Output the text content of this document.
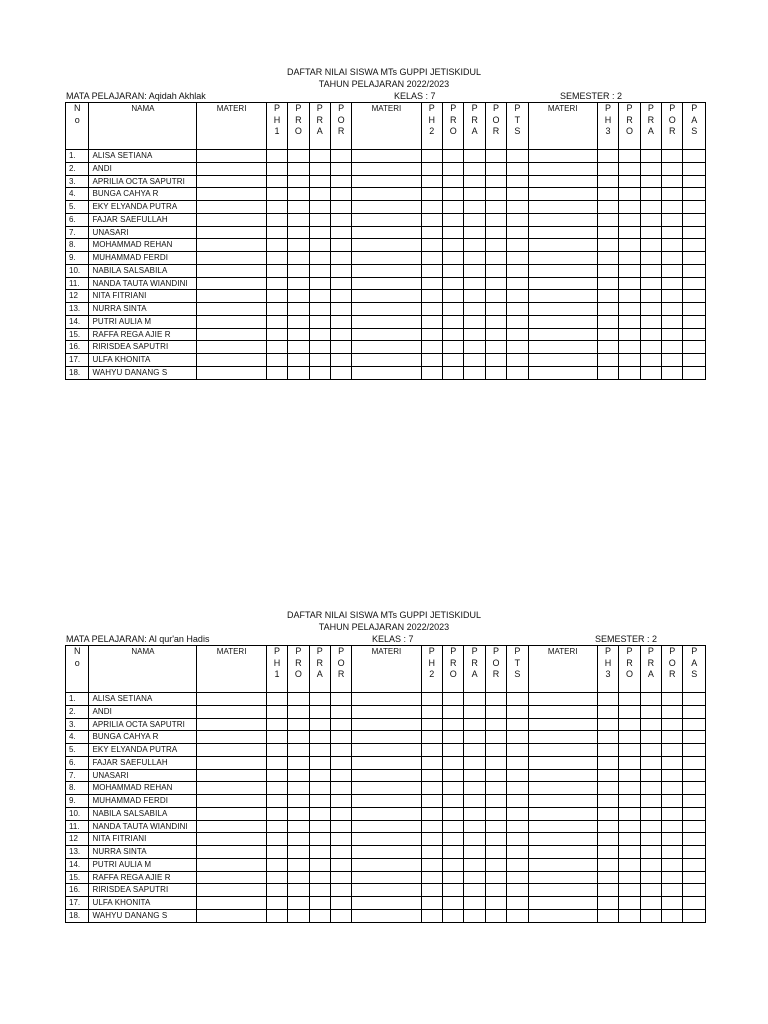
DAFTAR NILAI SISWA MTs GUPPI JETISKIDUL
TAHUN PELAJARAN 2022/2023
MATA PELAJARAN: Aqidah Akhlak	KELAS : 7	SEMESTER : 2
N
o	NAMA	MATERI	P
H
1	P
R
O	P
R
A	P
O
R	MATERI	P
H
2	P
R
O	P
R
A	P
O
R	P
T
S	MATERI	P
H
3	P
R
O	P
R
A	P
O
R	P
A
S

1.	ALISA SETIANA																	
2.	ANDI																	
3.	APRILIA OCTA SAPUTRI																	
4.	BUNGA CAHYA R																	
5.	EKY ELYANDA PUTRA																	
6.	FAJAR SAEFULLAH																	
7.	UNASARI																	
8.	MOHAMMAD REHAN																	
9.	MUHAMMAD FERDI																	
10.	NABILA SALSABILA																	
11.	NANDA TAUTA WIANDINI																	
12	NITA FITRIANI																	
13.	NURRA SINTA																	
14.	PUTRI AULIA M																	
15.	RAFFA REGA AJIE R																	
16.	RIRISDEA SAPUTRI																	
17.	ULFA KHONITA																	
18.	WAHYU DANANG S																	
DAFTAR NILAI SISWA MTs GUPPI JETISKIDUL
TAHUN PELAJARAN 2022/2023
MATA PELAJARAN: Al qur'an Hadis	KELAS : 7	SEMESTER : 2
N
o	NAMA	MATERI	P
H
1	P
R
O	P
R
A	P
O
R	MATERI	P
H
2	P
R
O	P
R
A	P
O
R	P
T
S	MATERI	P
H
3	P
R
O	P
R
A	P
O
R	P
A
S

1.	ALISA SETIANA																	
2.	ANDI																	
3.	APRILIA OCTA SAPUTRI																	
4.	BUNGA CAHYA R																	
5.	EKY ELYANDA PUTRA																	
6.	FAJAR SAEFULLAH																	
7.	UNASARI																	
8.	MOHAMMAD REHAN																	
9.	MUHAMMAD FERDI																	
10.	NABILA SALSABILA																	
11.	NANDA TAUTA WIANDINI																	
12	NITA FITRIANI																	
13.	NURRA SINTA																	
14.	PUTRI AULIA M																	
15.	RAFFA REGA AJIE R																	
16.	RIRISDEA SAPUTRI																	
17.	ULFA KHONITA																	
18.	WAHYU DANANG S																	
